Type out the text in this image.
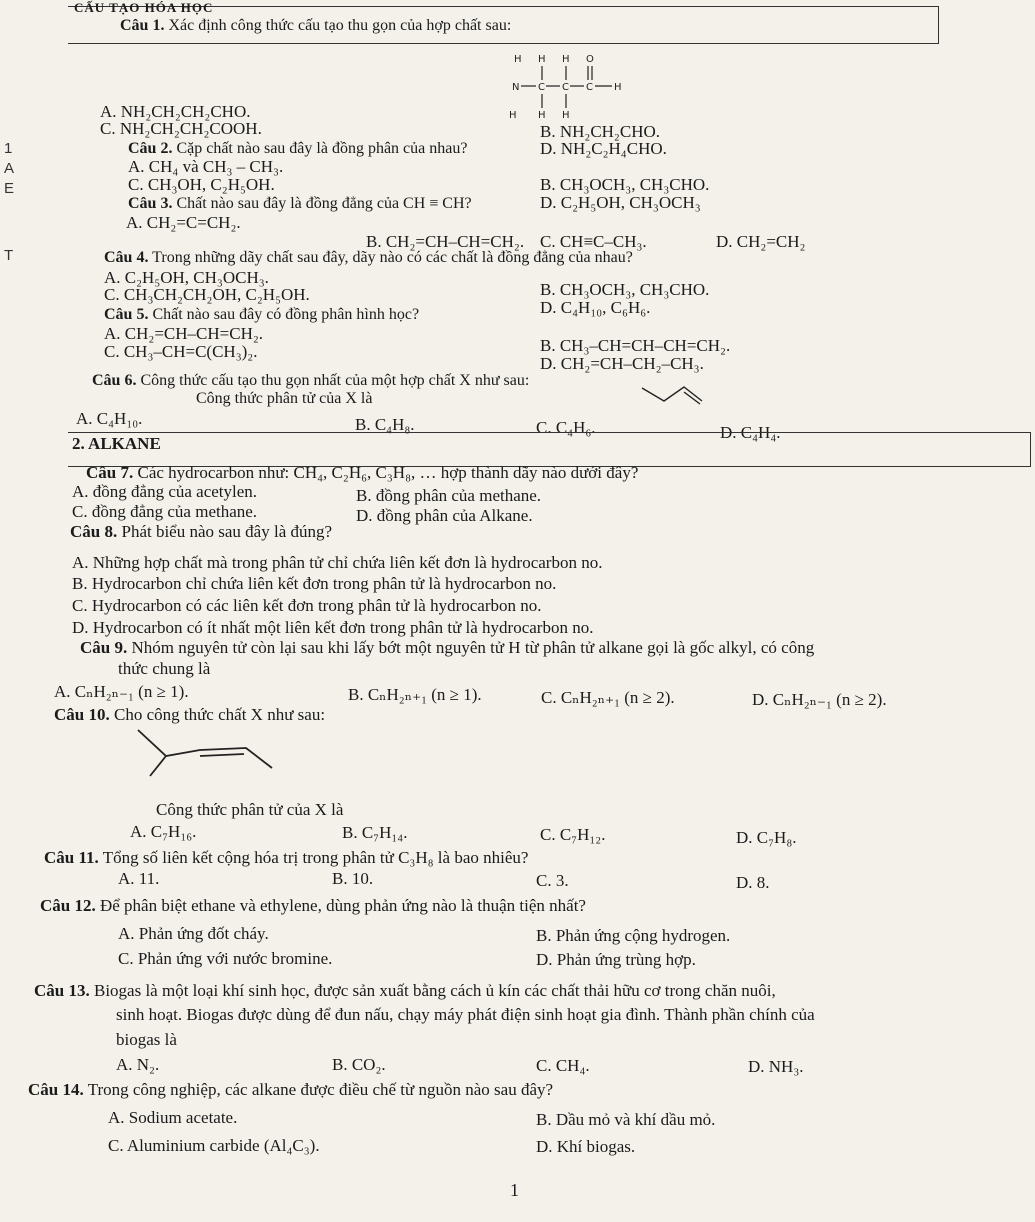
CẤU TẠO HÓA HỌC
1
A
E
T
Câu 1. Xác định công thức cấu tạo thu gọn của hợp chất sau:
H H H O
N C C C H
H H H
A. NH₂CH₂CH₂CHO.
B. NH₂CH₂CHO.
C. NH₂CH₂CH₂COOH.
D. NH₂C₂H₄CHO.
Câu 2. Cặp chất nào sau đây là đồng phân của nhau?
A. CH₄ và CH₃ – CH₃.
B. CH₃OCH₃, CH₃CHO.
C. CH₃OH, C₂H₅OH.
D. C₂H₅OH, CH₃OCH₃
Câu 3. Chất nào sau đây là đồng đẳng của CH ≡ CH?
A. CH₂=C=CH₂.
B. CH₂=CH–CH=CH₂. C. CH≡C–CH₃.	D. CH₂=CH₂
Câu 4. Trong những dãy chất sau đây, dãy nào có các chất là đồng đẳng của nhau?
A. C₂H₅OH, CH₃OCH₃.
B. CH₃OCH₃, CH₃CHO.
C. CH₃CH₂CH₂OH, C₂H₅OH.
D. C₄H₁₀, C₆H₆.
Câu 5. Chất nào sau đây có đồng phân hình học?
A. CH₂=CH–CH=CH₂.
B. CH₃–CH=CH–CH=CH₂.
C. CH₃–CH=C(CH₃)₂.
D. CH₂=CH–CH₂–CH₃.
Câu 6. Công thức cấu tạo thu gọn nhất của một hợp chất X như sau:
Công thức phân tử của X là
A. C₄H₁₀.	B. C₄H₈.	C. C₄H₆.	D. C₄H₄.
2. ALKANE
Câu 7. Các hydrocarbon như: CH₄, C₂H₆, C₃H₈, … hợp thành dãy nào dưới đây?
A. đồng đẳng của acetylen.	B. đồng phân của methane.
C. đồng đẳng của methane.	D. đồng phân của Alkane.
Câu 8. Phát biểu nào sau đây là đúng?
A. Những hợp chất mà trong phân tử chỉ chứa liên kết đơn là hydrocarbon no.
B. Hydrocarbon chỉ chứa liên kết đơn trong phân tử là hydrocarbon no.
C. Hydrocarbon có các liên kết đơn trong phân tử là hydrocarbon no.
D. Hydrocarbon có ít nhất một liên kết đơn trong phân tử là hydrocarbon no.
Câu 9. Nhóm nguyên tử còn lại sau khi lấy bớt một nguyên tử H từ phân tử alkane gọi là gốc alkyl, có công
thức chung là
A. CₙH₂ₙ₋₁ (n ≥ 1).	B. CₙH₂ₙ₊₁ (n ≥ 1).	C. CₙH₂ₙ₊₁ (n ≥ 2).	D. CₙH₂ₙ₋₁ (n ≥ 2).
Câu 10. Cho công thức chất X như sau:
Công thức phân tử của X là
A. C₇H₁₆.	B. C₇H₁₄.	C. C₇H₁₂.	D. C₇H₈.
Câu 11. Tổng số liên kết cộng hóa trị trong phân tử C₃H₈ là bao nhiêu?
A. 11.	B. 10.	C. 3.	D. 8.
Câu 12. Để phân biệt ethane và ethylene, dùng phản ứng nào là thuận tiện nhất?
A. Phản ứng đốt cháy.	B. Phản ứng cộng hydrogen.
C. Phản ứng với nước bromine.	D. Phản ứng trùng hợp.
Câu 13. Biogas là một loại khí sinh học, được sản xuất bằng cách ủ kín các chất thải hữu cơ trong chăn nuôi,
sinh hoạt. Biogas được dùng để đun nấu, chạy máy phát điện sinh hoạt gia đình. Thành phần chính của
biogas là
A. N₂.	B. CO₂.	C. CH₄.	D. NH₃.
Câu 14. Trong công nghiệp, các alkane được điều chế từ nguồn nào sau đây?
A. Sodium acetate.	B. Dầu mỏ và khí dầu mỏ.
C. Aluminium carbide (Al₄C₃).	D. Khí biogas.
1
